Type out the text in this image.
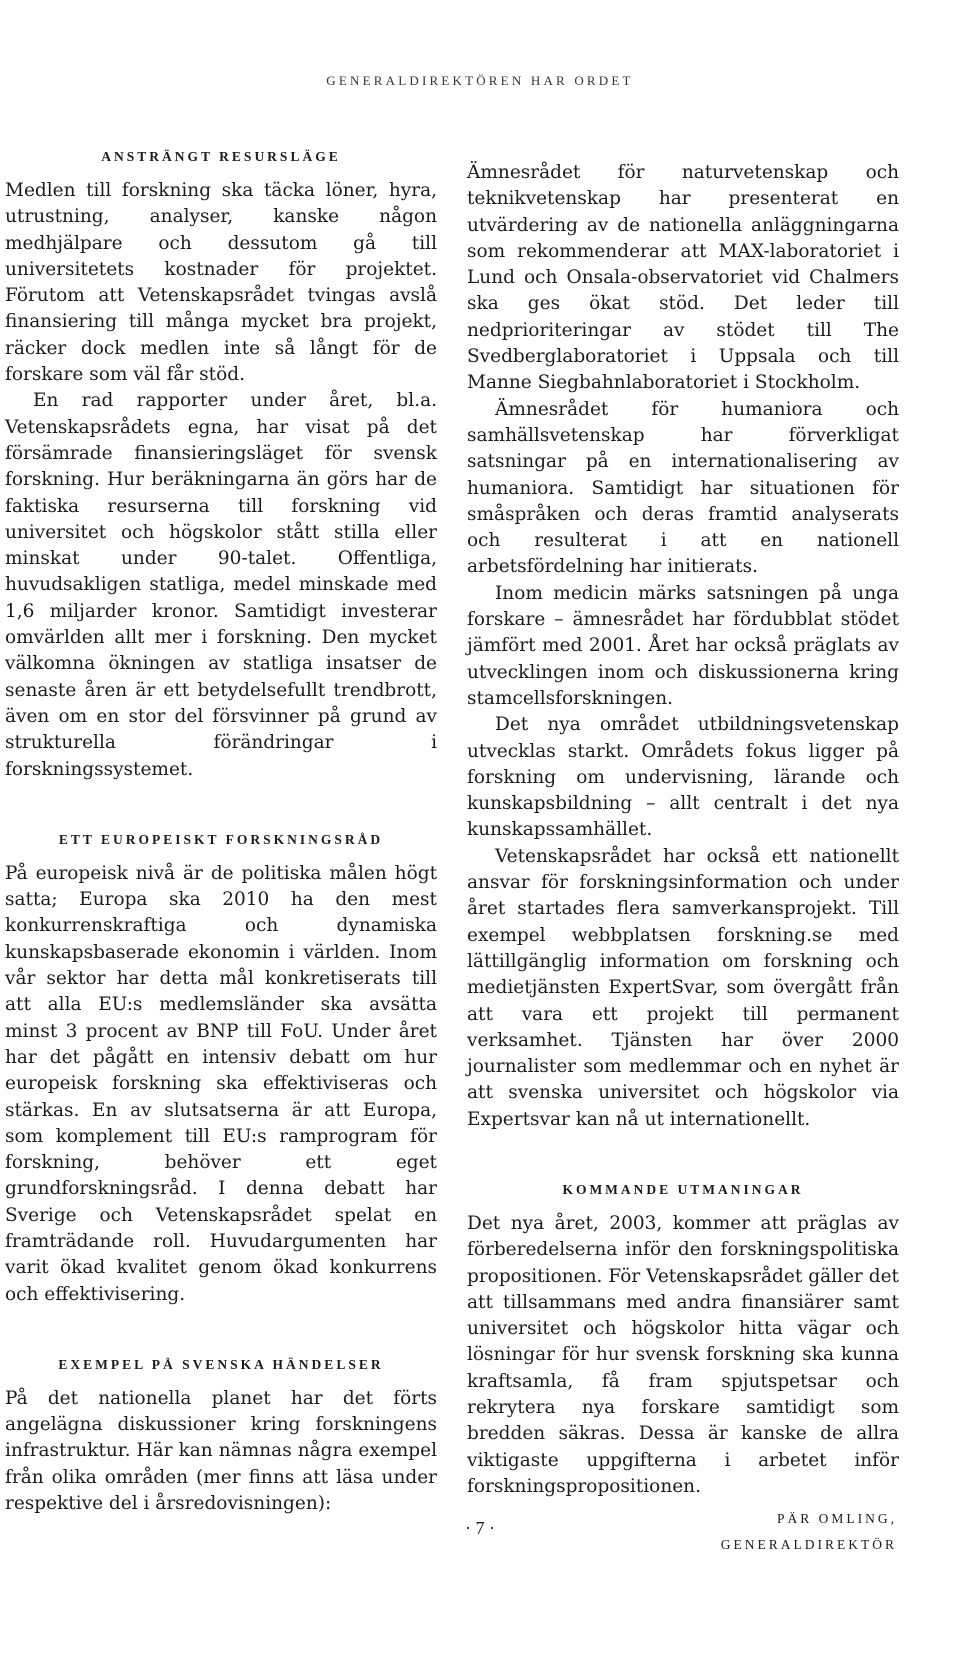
GENERALDIREKTÖREN HAR ORDET
ANSTRÄNGT RESURSLÄGE

Medlen till forskning ska täcka löner, hyra, utrustning, analyser, kanske någon medhjälpare och dessutom gå till universitetets kostnader för projektet. Förutom att Vetenskapsrådet tvingas avslå finansiering till många mycket bra projekt, räcker dock medlen inte så långt för de forskare som väl får stöd.

En rad rapporter under året, bl.a. Vetenskapsrådets egna, har visat på det försämrade finansieringsläget för svensk forskning. Hur beräkningarna än görs har de faktiska resurserna till forskning vid universitet och högskolor stått stilla eller minskat under 90-talet. Offentliga, huvudsakligen statliga, medel minskade med 1,6 miljarder kronor. Samtidigt investerar omvärlden allt mer i forskning. Den mycket välkomna ökningen av statliga insatser de senaste åren är ett betydelsefullt trendbrott, även om en stor del försvinner på grund av strukturella förändringar i forskningssystemet.

ETT EUROPEISKT FORSKNINGSRÅD

På europeisk nivå är de politiska målen högt satta; Europa ska 2010 ha den mest konkurrenskraftiga och dynamiska kunskapsbaserade ekonomin i världen. Inom vår sektor har detta mål konkretiserats till att alla EU:s medlemsländer ska avsätta minst 3 procent av BNP till FoU. Under året har det pågått en intensiv debatt om hur europeisk forskning ska effektiviseras och stärkas. En av slutsatserna är att Europa, som komplement till EU:s ramprogram för forskning, behöver ett eget grundforskningsråd. I denna debatt har Sverige och Vetenskapsrådet spelat en framträdande roll. Huvudargumenten har varit ökad kvalitet genom ökad konkurrens och effektivisering.

EXEMPEL PÅ SVENSKA HÄNDELSER

På det nationella planet har det förts angelägna diskussioner kring forskningens infrastruktur. Här kan nämnas några exempel från olika områden (mer finns att läsa under respektive del i årsredovisningen):

Ämnesrådet för naturvetenskap och teknikvetenskap har presenterat en utvärdering av de nationella anläggningarna som rekommenderar att MAX-laboratoriet i Lund och Onsala-observatoriet vid Chalmers ska ges ökat stöd. Det leder till nedprioriteringar av stödet till The Svedberglaboratoriet i Uppsala och till Manne Siegbahnlaboratoriet i Stockholm.

Ämnesrådet för humaniora och samhällsvetenskap har förverkligat satsningar på en internationalisering av humaniora. Samtidigt har situationen för småspråken och deras framtid analyserats och resulterat i att en nationell arbetsfördelning har initierats.

Inom medicin märks satsningen på unga forskare – ämnesrådet har fördubblat stödet jämfört med 2001. Året har också präglats av utvecklingen inom och diskussionerna kring stamcellsforskningen.

Det nya området utbildningsvetenskap utvecklas starkt. Områdets fokus ligger på forskning om undervisning, lärande och kunskapsbildning – allt centralt i det nya kunskapssamhället.

Vetenskapsrådet har också ett nationellt ansvar för forskningsinformation och under året startades flera samverkansprojekt. Till exempel webbplatsen forskning.se med lättillgänglig information om forskning och medietjänsten ExpertSvar, som övergått från att vara ett projekt till permanent verksamhet. Tjänsten har över 2000 journalister som medlemmar och en nyhet är att svenska universitet och högskolor via Expertsvar kan nå ut internationellt.

KOMMANDE UTMANINGAR

Det nya året, 2003, kommer att präglas av förberedelserna inför den forskningspolitiska propositionen. För Vetenskapsrådet gäller det att tillsammans med andra finansiärer samt universitet och högskolor hitta vägar och lösningar för hur svensk forskning ska kunna kraftsamla, få fram spjutspetsar och rekrytera nya forskare samtidigt som bredden säkras. Dessa är kanske de allra viktigaste uppgifterna i arbetet inför forskningspropositionen.

PÄR OMLING,
GENERALDIREKTÖR
· 7 ·
